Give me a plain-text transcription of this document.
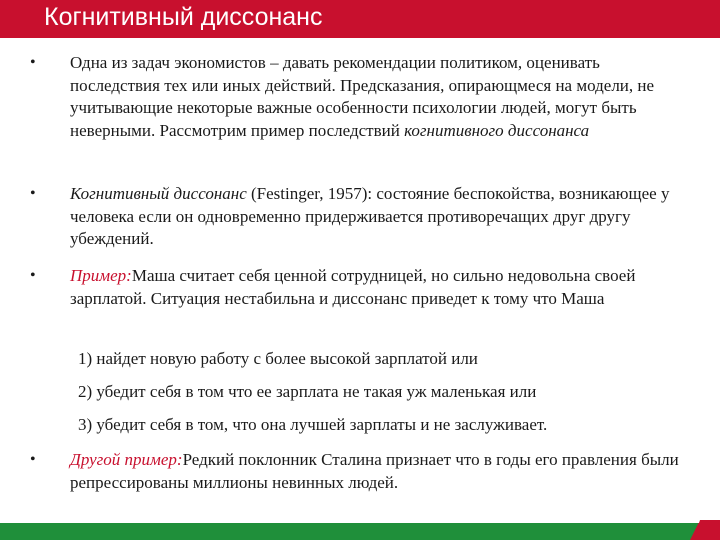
Когнитивный диссонанс
• Одна из задач экономистов – давать рекомендации политиком, оценивать последствия тех или иных действий. Предсказания, опирающмеся на модели, не учитывающие некоторые важные особенности психологии людей, могут быть неверными. Рассмотрим пример последствий когнитивного диссонанса
• Когнитивный диссонанс (Festinger, 1957): состояние беспокойства, возникающее у человека если он одновременно придерживается противоречащих друг другу убеждений.
• Пример:Маша считает себя ценной сотрудницей, но сильно недовольна своей зарплатой. Ситуация нестабильна и диссонанс приведет к тому что Маша
1) найдет новую работу с более высокой зарплатой или
2) убедит себя в том что ее зарплата не такая уж маленькая или
3) убедит себя в том, что она лучшей зарплаты и не заслуживает.
• Другой пример:Редкий поклонник Сталина признает что в годы его правления были репрессированы миллионы невинных людей.
